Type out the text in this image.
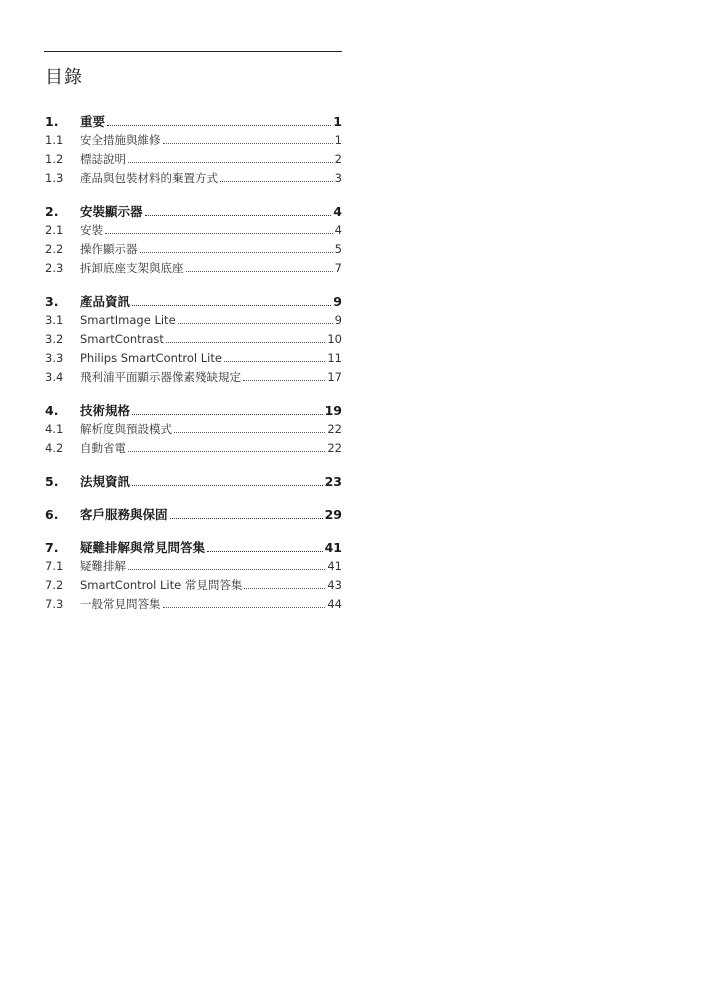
目錄
1.	重要	1
1.1	安全措施與維修	1
1.2	標誌說明	2
1.3	產品與包裝材料的棄置方式	3
2.	安裝顯示器	4
2.1	安裝	4
2.2	操作顯示器	5
2.3	拆卸底座支架與底座	7
3.	產品資訊	9
3.1	SmartImage Lite	9
3.2	SmartContrast	10
3.3	Philips SmartControl Lite	11
3.4	飛利浦平面顯示器像素殘缺規定	17
4.	技術規格	19
4.1	解析度與預設模式	22
4.2	自動省電	22
5.	法規資訊	23
6.	客戶服務與保固	29
7.	疑難排解與常見問答集	41
7.1	疑難排解	41
7.2	SmartControl Lite 常見問答集	43
7.3	一般常見問答集	44
